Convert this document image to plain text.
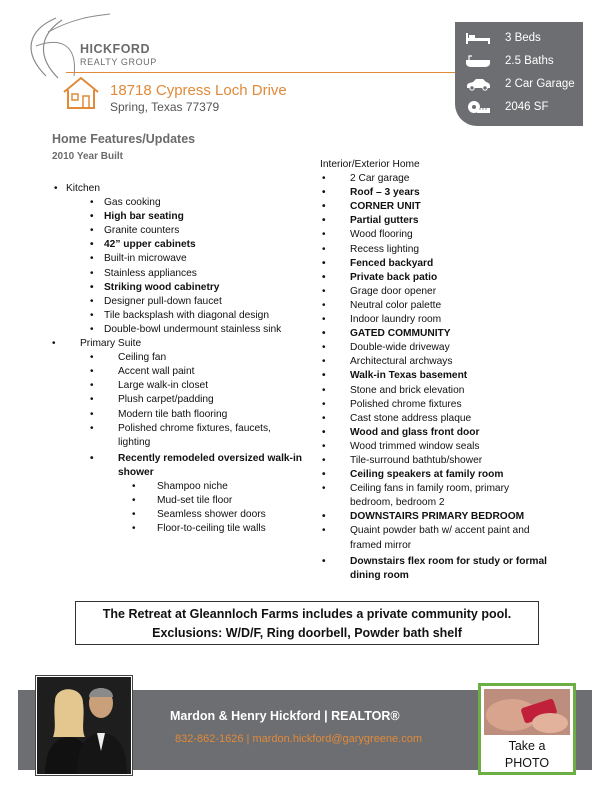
HICKFORD
REALTY GROUP
18718 Cypress Loch Drive
Spring, Texas 77379
3 Beds
2.5 Baths
2 Car Garage
2046 SF
Home Features/Updates
2010 Year Built
• Kitchen
• Gas cooking
• High bar seating
• Granite counters
• 42” upper cabinets
• Built-in microwave
• Stainless appliances
• Striking wood cabinetry
• Designer pull-down faucet
• Tile backsplash with diagonal design
• Double-bowl undermount stainless sink
• Primary Suite
• Ceiling fan
• Accent wall paint
• Large walk-in closet
• Plush carpet/padding
• Modern tile bath flooring
• Polished chrome fixtures, faucets, lighting
• Recently remodeled oversized walk-in shower
• Shampoo niche
• Mud-set tile floor
• Seamless shower doors
• Floor-to-ceiling tile walls
Interior/Exterior Home
• 2 Car garage
• Roof – 3 years
• CORNER UNIT
• Partial gutters
• Wood flooring
• Recess lighting
• Fenced backyard
• Private back patio
• Grage door opener
• Neutral color palette
• Indoor laundry room
• GATED COMMUNITY
• Double-wide driveway
• Architectural archways
• Walk-in Texas basement
• Stone and brick elevation
• Polished chrome fixtures
• Cast stone address plaque
• Wood and glass front door
• Wood trimmed window seals
• Tile-surround bathtub/shower
• Ceiling speakers at family room
• Ceiling fans in family room, primary bedroom, bedroom 2
• DOWNSTAIRS PRIMARY BEDROOM
• Quaint powder bath w/ accent paint and framed mirror
• Downstairs flex room for study or formal dining room
The Retreat at Gleannloch Farms includes a private community pool.
Exclusions: W/D/F, Ring doorbell, Powder bath shelf
Mardon & Henry Hickford | REALTOR®
832-862-1626 | mardon.hickford@garygreene.com	Take a
PHOTO
